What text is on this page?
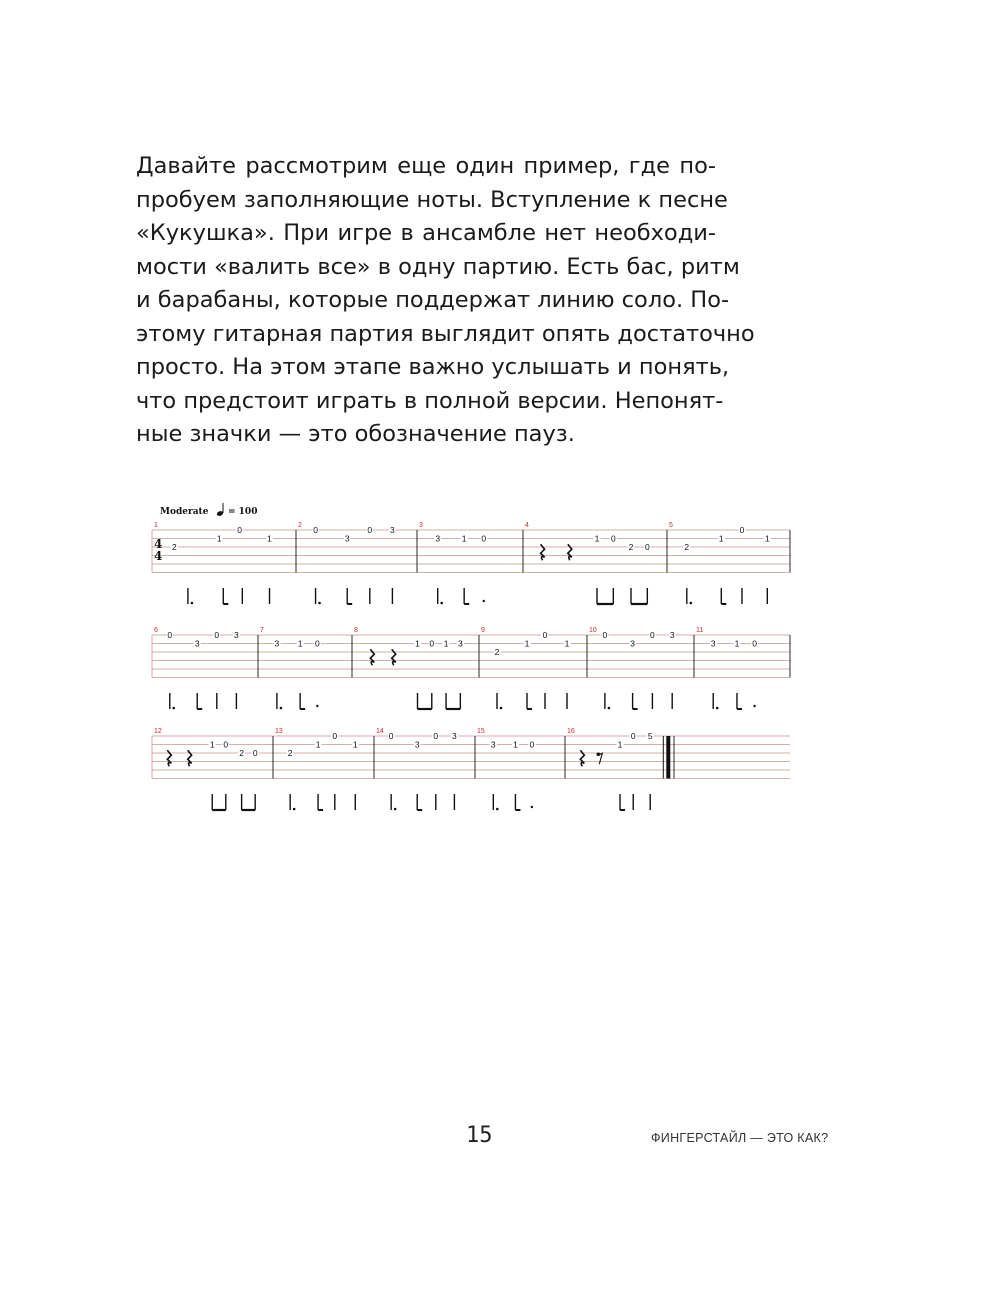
Давайте рассмотрим еще один пример, где по-
пробуем заполняющие ноты. Вступление к песне
«Кукушка». При игре в ансамбле нет необходи-
мости «валить все» в одну партию. Есть бас, ритм
и барабаны, которые поддержат линию соло. По-
этому гитарная партия выглядит опять достаточно
просто. На этом этапе важно услышать и понять,
что предстоит играть в полной версии. Непонят-
ные значки — это обозначение пауз.
Moderate = 100
4
4
1
2
1
0
1
2 0
3
0 3	3
3	1 0
4
1 0
2 0
5
2
1
0
1
6 0
3
0 3	7
3 1 0
8
1 0 1 3
9
2
1
0
1
10 0
3
0 3	11
3 1 0
12
1 0
2 0
13
2
1
0
1
14 0
3
0 3	15
3 1 0
16
1
0 5

15	ФИНГЕРСТАЙЛ — ЭТО КАК?
